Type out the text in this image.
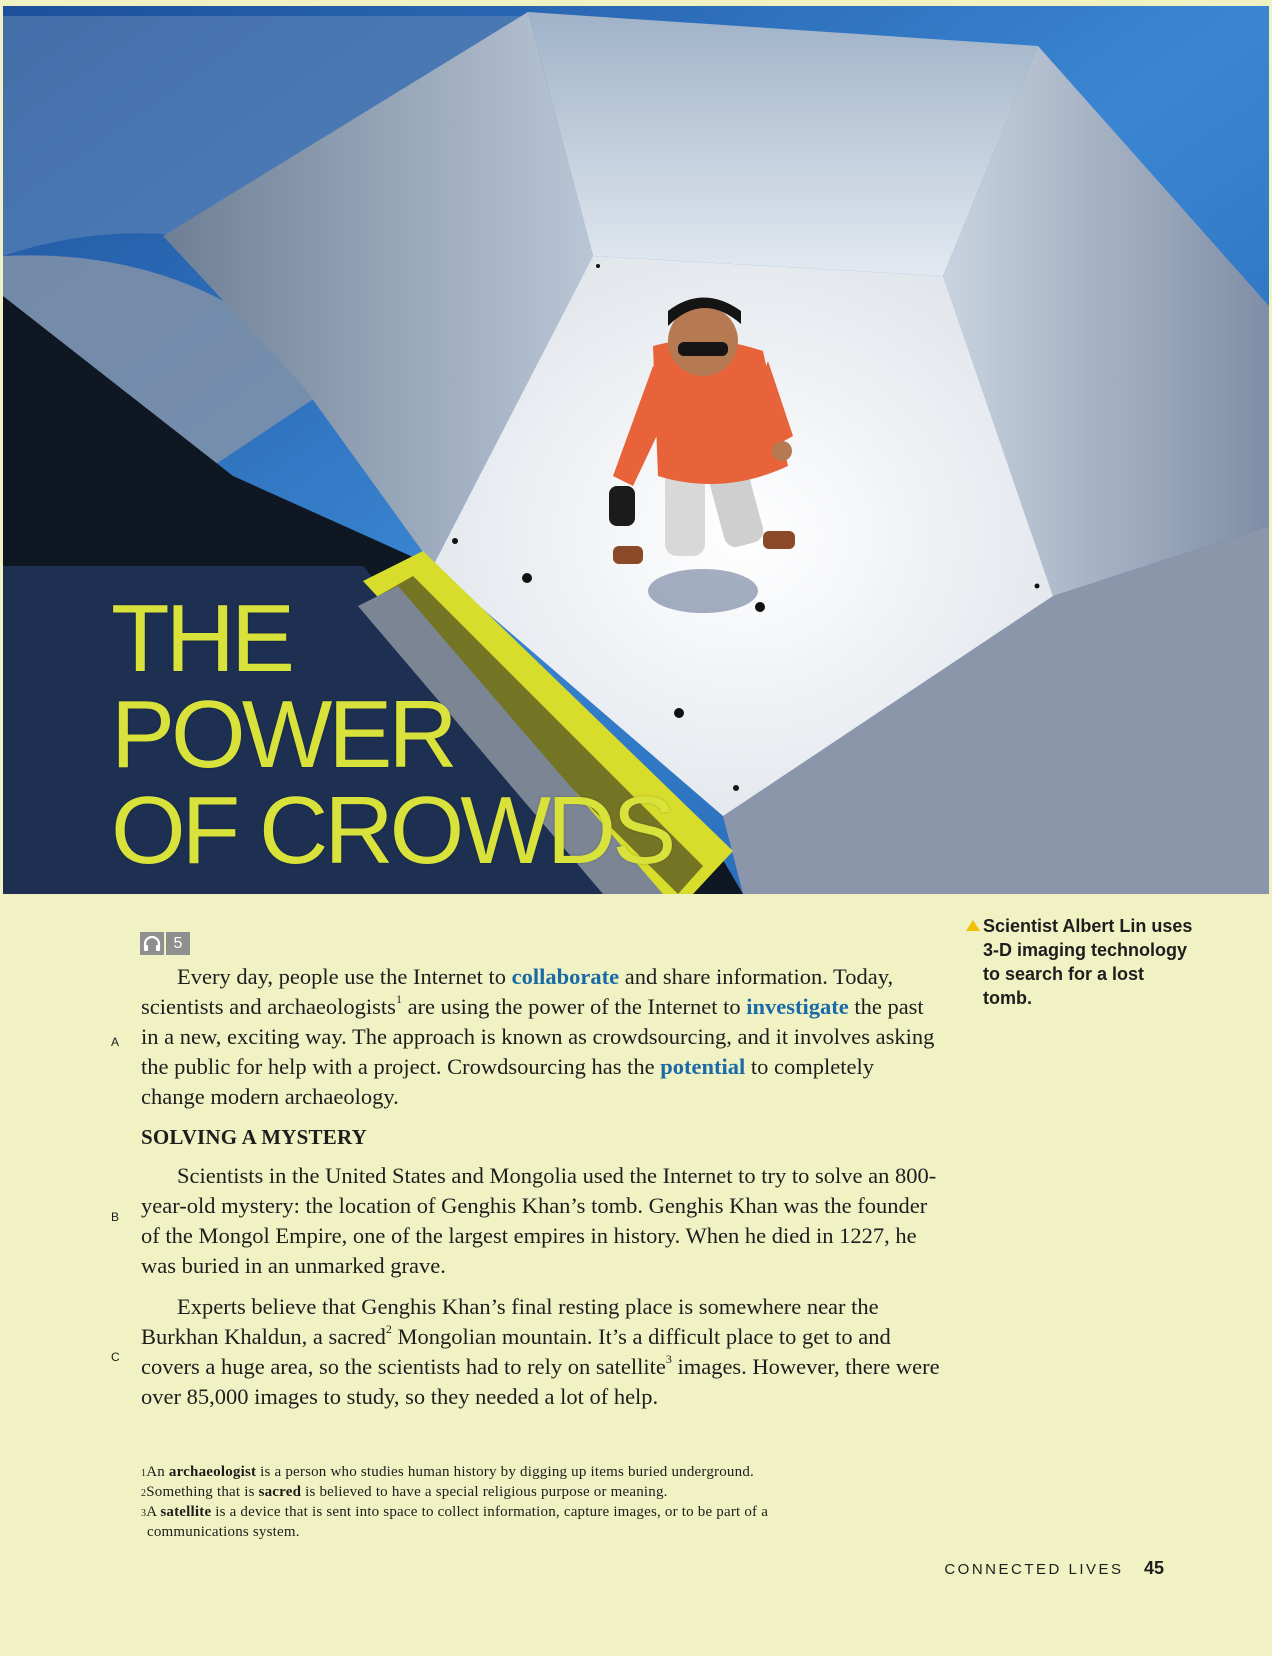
THE
POWER
OF CROWDS
5
A
B
C

Every day, people use the Internet to collaborate and share information. Today, scientists and archaeologists$^1$ are using the power of the Internet to investigate the past in a new, exciting way. The approach is known as crowdsourcing, and it involves asking the public for help with a project. Crowdsourcing has the potential to completely change modern archaeology.

SOLVING A MYSTERY

Scientists in the United States and Mongolia used the Internet to try to solve an 800-year-old mystery: the location of Genghis Khan’s tomb. Genghis Khan was the founder of the Mongol Empire, one of the largest empires in history. When he died in 1227, he was buried in an unmarked grave.

Experts believe that Genghis Khan’s final resting place is somewhere near the Burkhan Khaldun, a sacred$^2$ Mongolian mountain. It’s a difficult place to get to and covers a huge area, so the scientists had to rely on satellite$^3$ images. However, there were over 85,000 images to study, so they needed a lot of help.

Scientist Albert Lin uses 3-D imaging technology to search for a lost tomb.
$^1$An archaeologist is a person who studies human history by digging up items buried underground.
$^2$Something that is sacred is believed to have a special religious purpose or meaning.
$^3$A satellite is a device that is sent into space to collect information, capture images, or to be part of a
communications system.
CONNECTED LIVES 45
